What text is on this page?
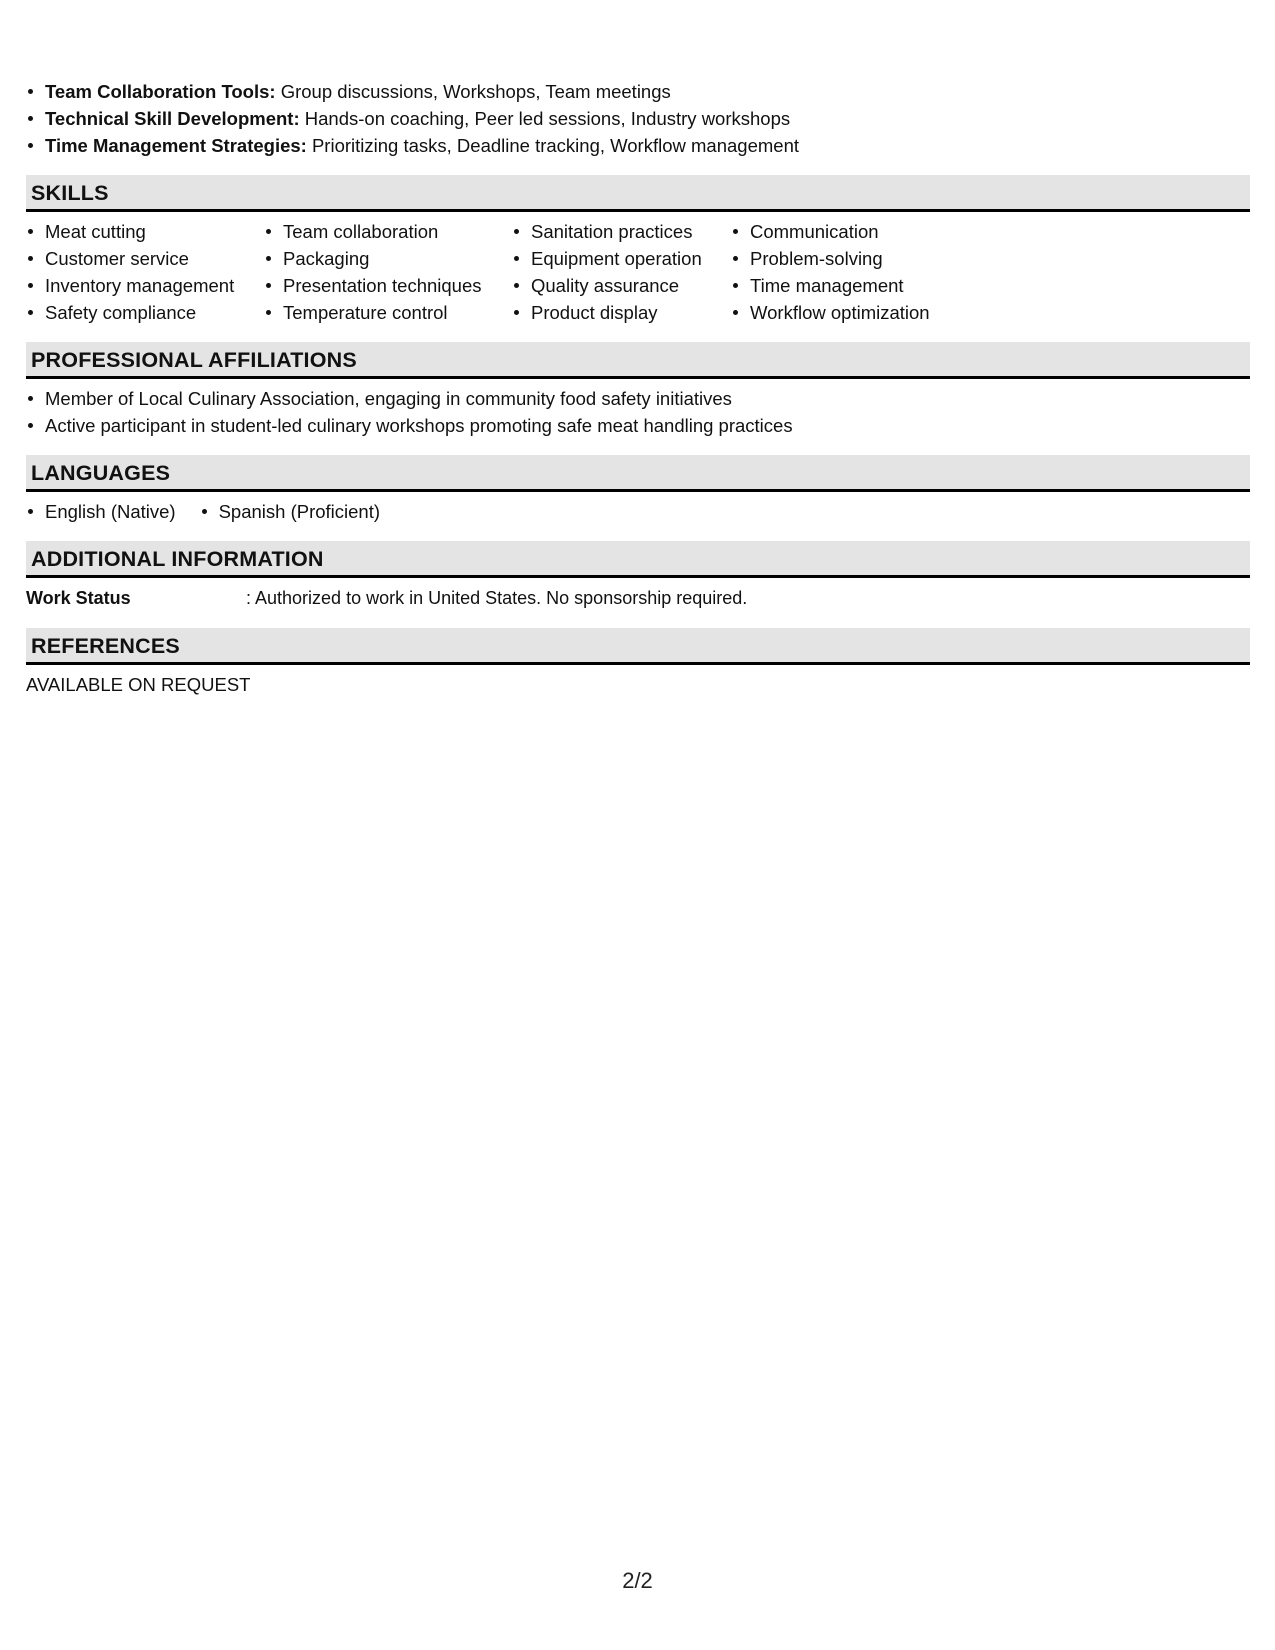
Team Collaboration Tools: Group discussions, Workshops, Team meetings
Technical Skill Development: Hands-on coaching, Peer led sessions, Industry workshops
Time Management Strategies: Prioritizing tasks, Deadline tracking, Workflow management
SKILLS
Meat cutting
Customer service
Inventory management
Safety compliance
Team collaboration
Packaging
Presentation techniques
Temperature control
Sanitation practices
Equipment operation
Quality assurance
Product display
Communication
Problem-solving
Time management
Workflow optimization
PROFESSIONAL AFFILIATIONS
Member of Local Culinary Association, engaging in community food safety initiatives
Active participant in student-led culinary workshops promoting safe meat handling practices
LANGUAGES
English (Native)	Spanish (Proficient)
ADDITIONAL INFORMATION
Work Status	: Authorized to work in United States. No sponsorship required.
REFERENCES
AVAILABLE ON REQUEST
2/2
